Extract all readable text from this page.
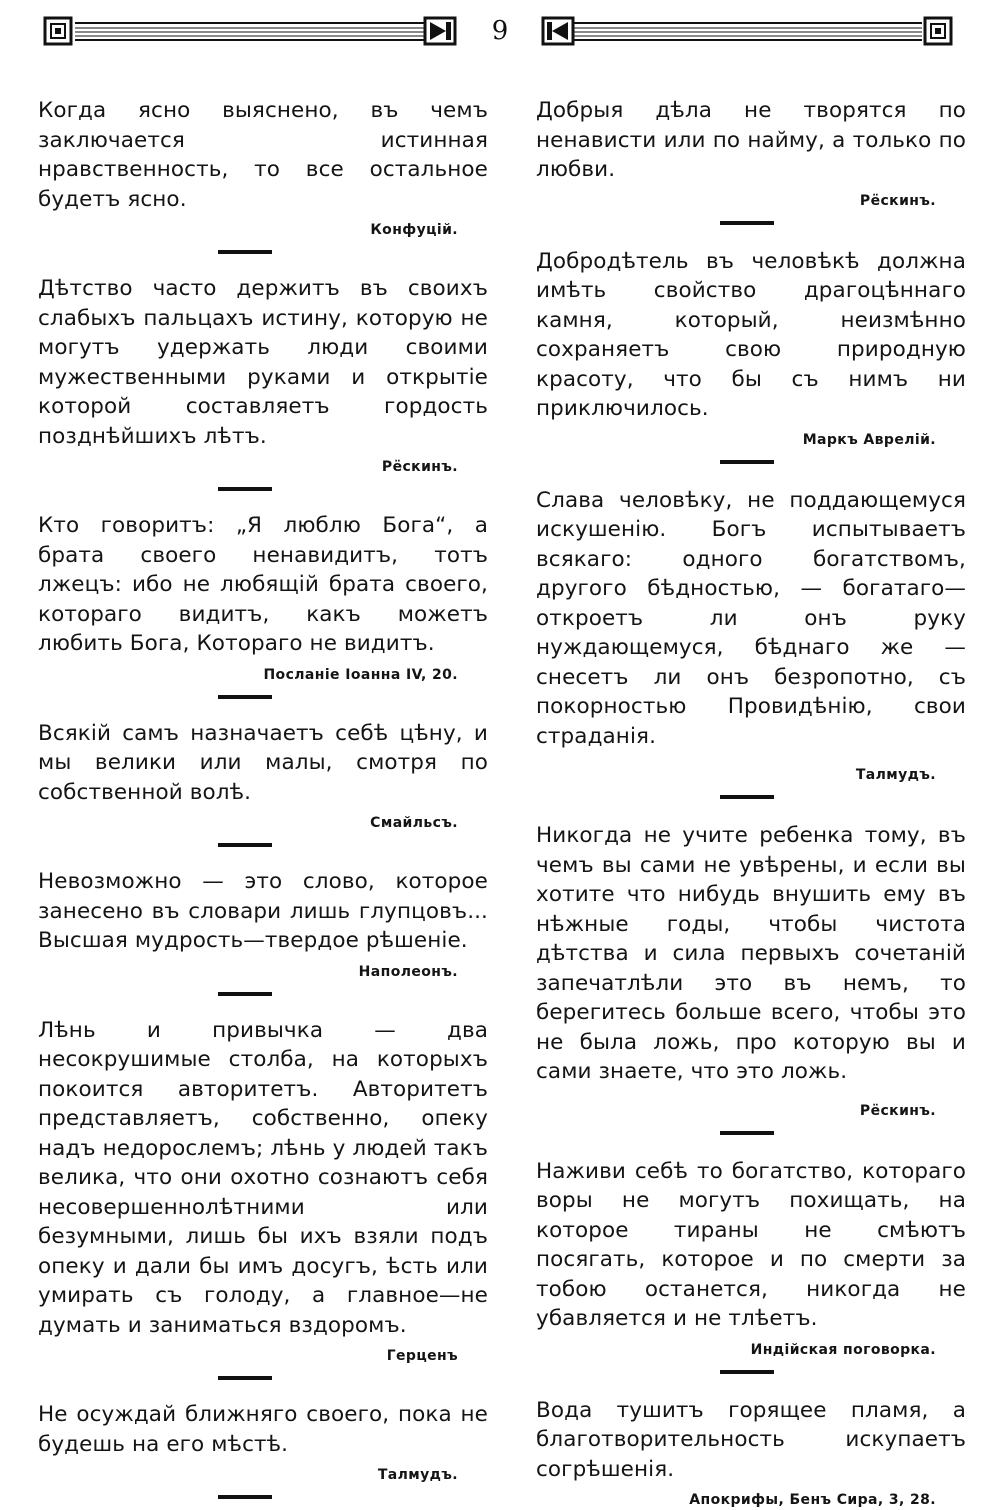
9

Когда ясно выяснено, въ чемъ заключается истинная нравственность, то все остальное будетъ ясно.

Конфуцій.

Дѣтство часто держитъ въ своихъ слабыхъ пальцахъ истину, которую не могутъ удержать люди своими мужественными руками и открытіе которой составляетъ гордость позднѣйшихъ лѣтъ.

Рёскинъ.

Кто говоритъ: „Я люблю Бога“, а брата своего ненавидитъ, тотъ лжецъ: ибо не любящій брата своего, котораго видитъ, какъ можетъ любить Бога, Котораго не видитъ.

Посланіе Іоанна IV, 20.

Всякій самъ назначаетъ себѣ цѣну, и мы велики или малы, смотря по собственной волѣ.

Смайльсъ.

Невозможно — это слово, которое занесено въ словари лишь глупцовъ... Высшая мудрость—твердое рѣшеніе.

Наполеонъ.

Лѣнь и привычка — два несокрушимые столба, на которыхъ покоится авторитетъ. Авторитетъ представляетъ, собственно, опеку надъ недорослемъ; лѣнь у людей такъ велика, что они охотно сознаютъ себя несовершеннолѣтними или безумными, лишь бы ихъ взяли подъ опеку и дали бы имъ досугъ, ѣсть или умирать съ голоду, а главное—не думать и заниматься вздоромъ.

Герценъ

Не осуждай ближняго своего, пока не будешь на его мѣстѣ.

Талмудъ.

Добрыя дѣла не творятся по ненависти или по найму, а только по любви.

Рёскинъ.

Добродѣтель въ человѣкѣ должна имѣть свойство драгоцѣннаго камня, который, неизмѣнно сохраняетъ свою природную красоту, что бы съ нимъ ни приключилось.

Маркъ Аврелій.

Слава человѣку, не поддающемуся искушенію. Богъ испытываетъ всякаго: одного богатствомъ, другого бѣдностью, — богатаго—откроетъ ли онъ руку нуждающемуся, бѣднаго же — снесетъ ли онъ безропотно, съ покорностью Провидѣнію, свои страданія.

Талмудъ.

Никогда не учите ребенка тому, въ чемъ вы сами не увѣрены, и если вы хотите что нибудь внушить ему въ нѣжные годы, чтобы чистота дѣтства и сила первыхъ сочетаній запечатлѣли это въ немъ, то берегитесь больше всего, чтобы это не была ложь, про которую вы и сами знаете, что это ложь.

Рёскинъ.

Наживи себѣ то богатство, котораго воры не могутъ похищать, на которое тираны не смѣютъ посягать, которое и по смерти за тобою останется, никогда не убавляется и не тлѣетъ.

Индійская поговорка.

Вода тушитъ горящее пламя, а благотворительность искупаетъ согрѣшенія.

Апокрифы, Бенъ Сира, 3, 28.
